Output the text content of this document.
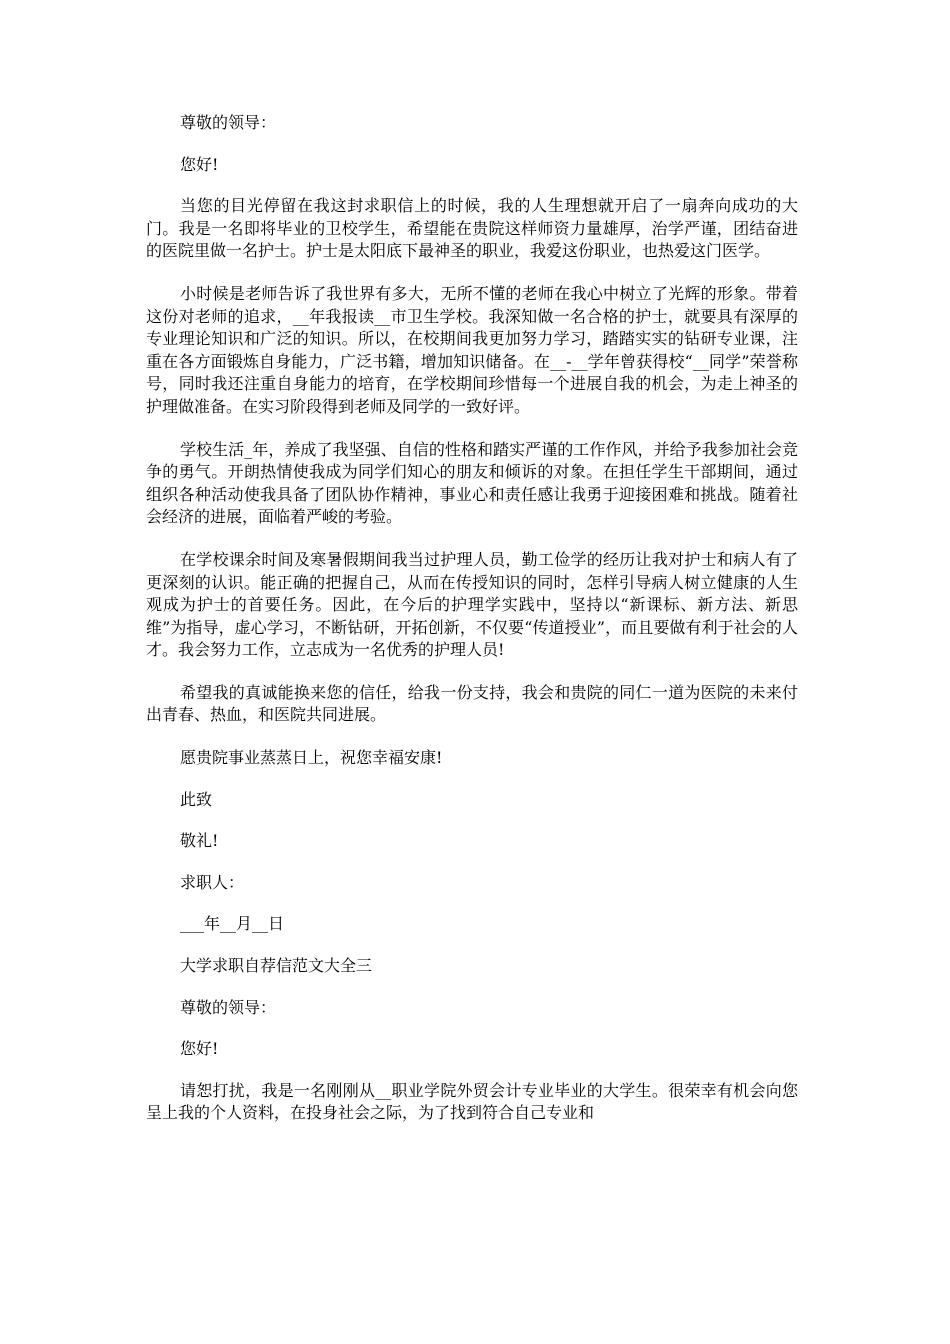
尊敬的领导：

您好!

当您的目光停留在我这封求职信上的时候，我的人生理想就开启了一扇奔向成功的大门。我是一名即将毕业的卫校学生，希望能在贵院这样师资力量雄厚，治学严谨，团结奋进的医院里做一名护士。护士是太阳底下最神圣的职业，我爱这份职业，也热爱这门医学。

小时候是老师告诉了我世界有多大，无所不懂的老师在我心中树立了光辉的形象。带着这份对老师的追求，__年我报读__市卫生学校。我深知做一名合格的护士，就要具有深厚的专业理论知识和广泛的知识。所以，在校期间我更加努力学习，踏踏实实的钻研专业课，注重在各方面锻炼自身能力，广泛书籍，增加知识储备。在__-__学年曾获得校“__同学”荣誉称号，同时我还注重自身能力的培育，在学校期间珍惜每一个进展自我的机会，为走上神圣的护理做准备。在实习阶段得到老师及同学的一致好评。

学校生活_年，养成了我坚强、自信的性格和踏实严谨的工作作风，并给予我参加社会竞争的勇气。开朗热情使我成为同学们知心的朋友和倾诉的对象。在担任学生干部期间，通过组织各种活动使我具备了团队协作精神，事业心和责任感让我勇于迎接困难和挑战。随着社会经济的进展，面临着严峻的考验。

在学校课余时间及寒暑假期间我当过护理人员，勤工俭学的经历让我对护士和病人有了更深刻的认识。能正确的把握自己，从而在传授知识的同时，怎样引导病人树立健康的人生观成为护士的首要任务。因此，在今后的护理学实践中，坚持以“新课标、新方法、新思维”为指导，虚心学习，不断钻研，开拓创新，不仅要“传道授业”，而且要做有利于社会的人才。我会努力工作，立志成为一名优秀的护理人员!

希望我的真诚能换来您的信任，给我一份支持，我会和贵院的同仁一道为医院的未来付出青春、热血，和医院共同进展。

愿贵院事业蒸蒸日上，祝您幸福安康!

此致

敬礼!

求职人：

___年__月__日

大学求职自荐信范文大全三

尊敬的领导：

您好!

请恕打扰，我是一名刚刚从__职业学院外贸会计专业毕业的大学生。很荣幸有机会向您呈上我的个人资料，在投身社会之际，为了找到符合自己专业和
